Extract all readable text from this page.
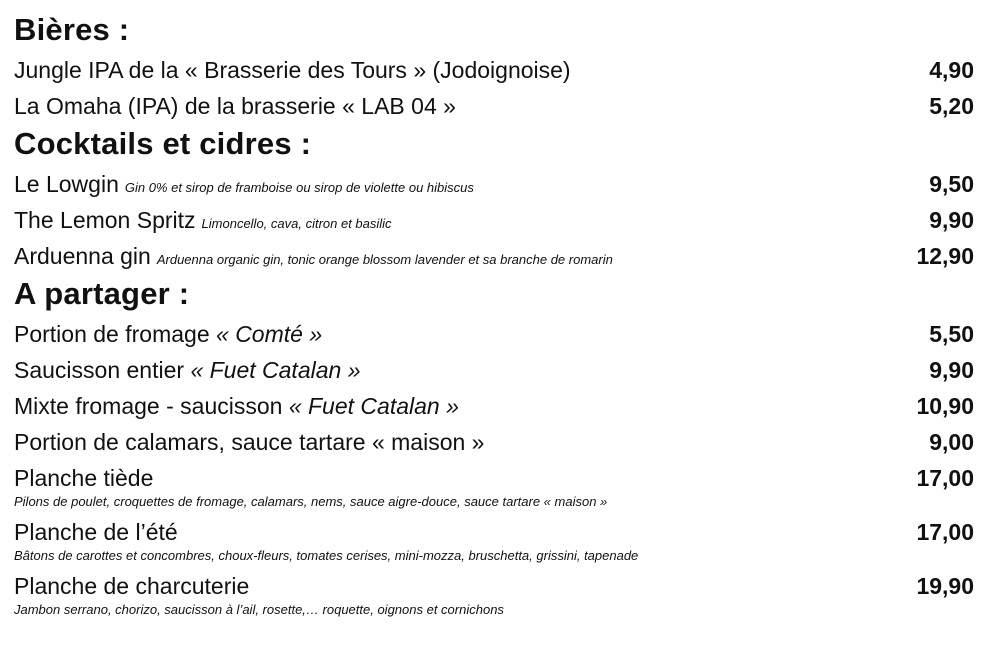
Bières :
Jungle IPA de la « Brasserie des Tours » (Jodoignoise)	4,90
La Omaha (IPA) de la brasserie « LAB 04 »	5,20
Cocktails et cidres :
Le Lowgin Gin 0% et sirop de framboise ou sirop de violette ou hibiscus	9,50
The Lemon Spritz Limoncello, cava, citron et basilic	9,90
Arduenna gin Arduenna organic gin, tonic orange blossom lavender et sa branche de romarin	12,90
A partager :
Portion de fromage « Comté »	5,50
Saucisson entier « Fuet Catalan »	9,90
Mixte fromage - saucisson « Fuet Catalan »	10,90
Portion de calamars, sauce tartare « maison »	9,00
Planche tiède	17,00
Pilons de poulet, croquettes de fromage, calamars, nems, sauce aigre-douce, sauce tartare « maison »
Planche de l’été	17,00
Bâtons de carottes et concombres, choux-fleurs, tomates cerises, mini-mozza, bruschetta, grissini, tapenade
Planche de charcuterie	19,90
Jambon serrano, chorizo, saucisson à l’ail, rosette,… roquette, oignons et cornichons
